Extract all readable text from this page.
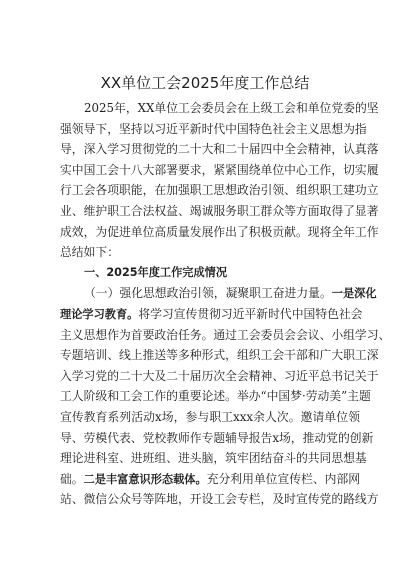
XX单位工会2025年度工作总结
2025年，XX单位工会委员会在上级工会和单位党委的坚
强领导下，坚持以习近平新时代中国特色社会主义思想为指
导，深入学习贯彻党的二十大和二十届四中全会精神，认真落
实中国工会十八大部署要求，紧紧围绕单位中心工作，切实履
行工会各项职能，在加强职工思想政治引领、组织职工建功立
业、维护职工合法权益、竭诚服务职工群众等方面取得了显著
成效，为促进单位高质量发展作出了积极贡献。现将全年工作
总结如下：
一、2025年度工作完成情况
（一）强化思想政治引领，凝聚职工奋进力量。一是深化
理论学习教育。将学习宣传贯彻习近平新时代中国特色社会
主义思想作为首要政治任务。通过工会委员会会议、小组学习、
专题培训、线上推送等多种形式，组织工会干部和广大职工深
入学习党的二十大及二十届历次全会精神、习近平总书记关于
工人阶级和工会工作的重要论述。举办“中国梦·劳动美”主题
宣传教育系列活动x场，参与职工xxx余人次。邀请单位领
导、劳模代表、党校教师作专题辅导报告x场，推动党的创新
理论进科室、进班组、进头脑，筑牢团结奋斗的共同思想基
础。二是丰富意识形态载体。充分利用单位宣传栏、内部网
站、微信公众号等阵地，开设工会专栏，及时宣传党的路线方
